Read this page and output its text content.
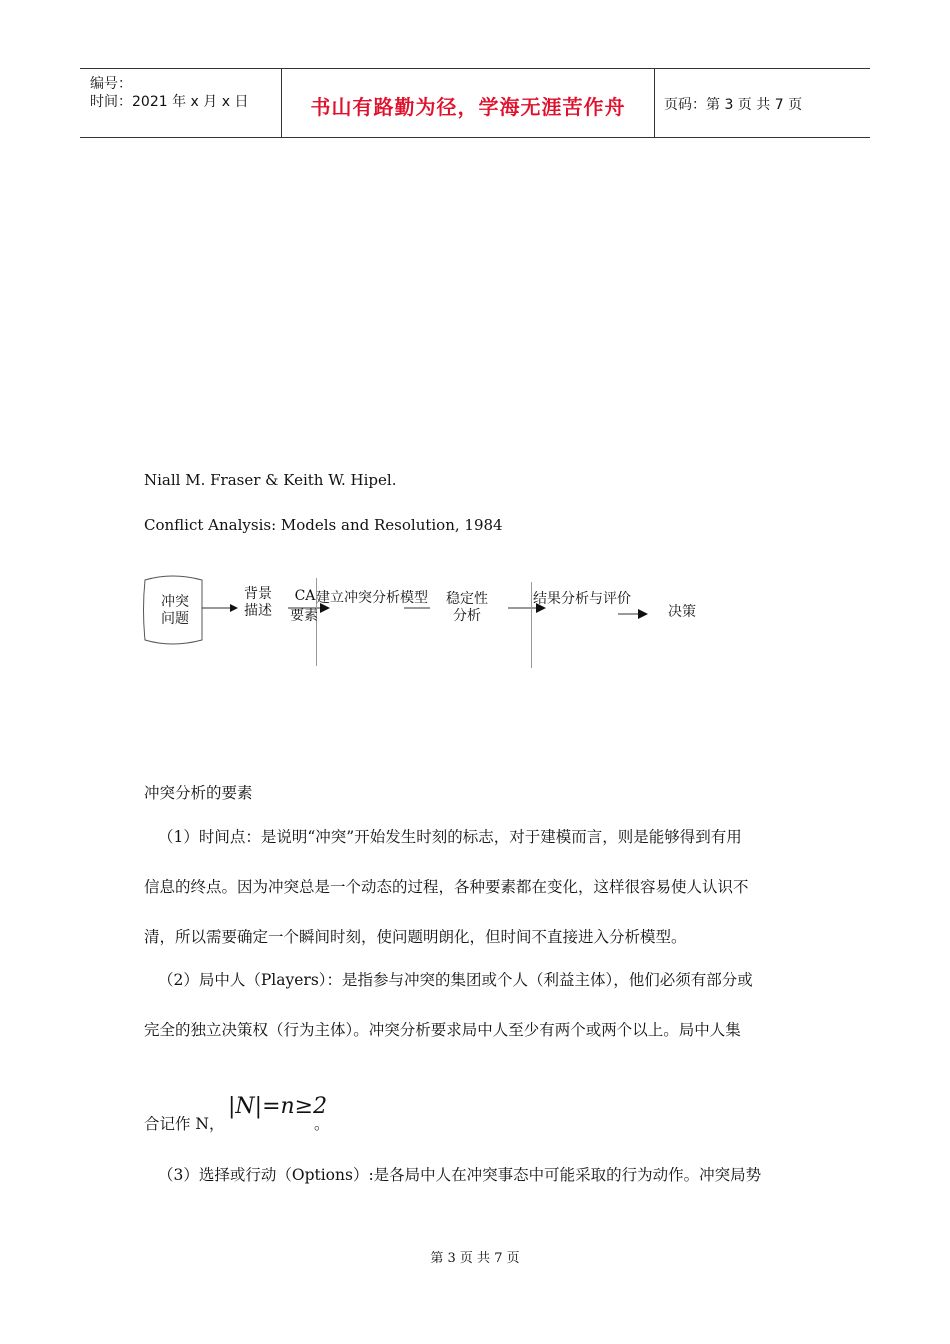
编号：
时间：2021 年 x 月 x 日	书山有路勤为径，学海无涯苦作舟	页码：第 3 页 共 7 页
Niall M. Fraser & Keith W. Hipel.
Conflict Analysis: Models and Resolution, 1984
冲突
问题
背景
描述
CA
要素
建立冲突分析模型	稳定性
分析
结果分析与评价
决策
冲突分析的要素
（1）时间点：是说明“冲突”开始发生时刻的标志，对于建模而言，则是能够得到有用
信息的终点。因为冲突总是一个动态的过程，各种要素都在变化，这样很容易使人认识不
清，所以需要确定一个瞬间时刻，使问题明朗化，但时间不直接进入分析模型。
（2）局中人（Players）：是指参与冲突的集团或个人（利益主体），他们必须有部分或
完全的独立决策权（行为主体）。冲突分析要求局中人至少有两个或两个以上。局中人集
合记作 N，
|N|=n≥2
。
（3）选择或行动（Options）:是各局中人在冲突事态中可能采取的行为动作。冲突局势
第 3 页 共 7 页
